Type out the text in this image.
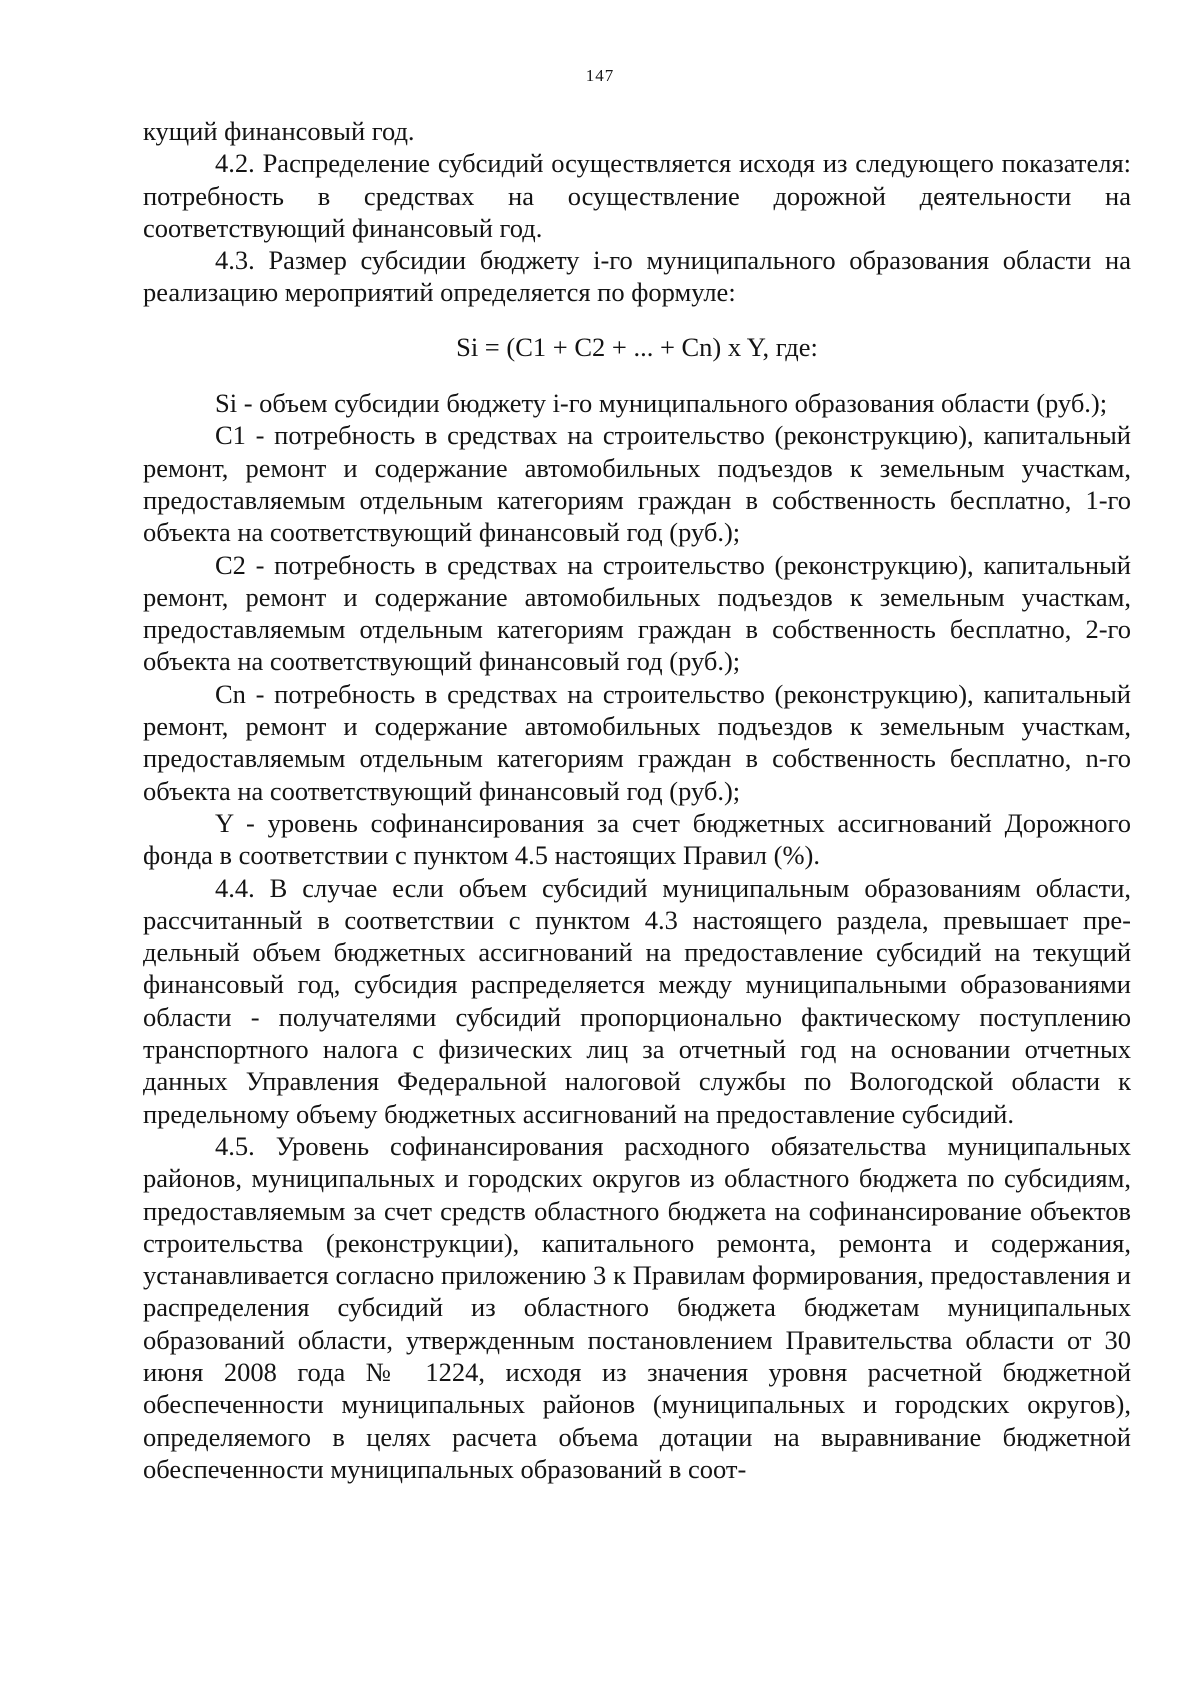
147

кущий финансовый год.

4.2. Распределение субсидий осуществляется исходя из следующего показателя: потребность в средствах на осуществление дорожной деятельности на соответствующий финансовый год.

4.3. Размер субсидии бюджету i-го муниципального образования области на реализацию мероприятий определяется по формуле:

Si = (C1 + C2 + ... + Cn) x Y, где:

Si - объем субсидии бюджету i-го муниципального образования области (руб.);

C1 - потребность в средствах на строительство (реконструкцию), капитальный ремонт, ремонт и содержание автомобильных подъездов к земельным участкам, предоставляемым отдельным категориям граждан в собственность бесплатно, 1-го объекта на соответствующий финансовый год (руб.);

C2 - потребность в средствах на строительство (реконструкцию), капитальный ремонт, ремонт и содержание автомобильных подъездов к земельным участкам, предоставляемым отдельным категориям граждан в собственность бесплатно, 2-го объекта на соответствующий финансовый год (руб.);

Cn - потребность в средствах на строительство (реконструкцию), капитальный ремонт, ремонт и содержание автомобильных подъездов к земельным участкам, предоставляемым отдельным категориям граждан в собственность бесплатно, n-го объекта на соответствующий финансовый год (руб.);

Y - уровень софинансирования за счет бюджетных ассигнований Дорожного фонда в соответствии с пунктом 4.5 настоящих Правил (%).

4.4. В случае если объем субсидий муниципальным образованиям области, рассчитанный в соответствии с пунктом 4.3 настоящего раздела, превышает предельный объем бюджетных ассигнований на предоставление субсидий на текущий финансовый год, субсидия распределяется между муниципальными образованиями области - получателями субсидий пропорционально фактическому поступлению транспортного налога с физических лиц за отчетный год на основании отчетных данных Управления Федеральной налоговой службы по Вологодской области к предельному объему бюджетных ассигнований на предоставление субсидий.

4.5. Уровень софинансирования расходного обязательства муниципальных районов, муниципальных и городских округов из областного бюджета по субсидиям, предоставляемым за счет средств областного бюджета на софинансирование объектов строительства (реконструкции), капитального ремонта, ремонта и содержания, устанавливается согласно приложению 3 к Правилам формирования, предоставления и распределения субсидий из областного бюджета бюджетам муниципальных образований области, утвержденным постановлением Правительства области от 30 июня 2008 года № 1224, исходя из значения уровня расчетной бюджетной обеспеченности муниципальных районов (муниципальных и городских округов), определяемого в целях расчета объема дотации на выравнивание бюджетной обеспеченности муниципальных образований в соот-
